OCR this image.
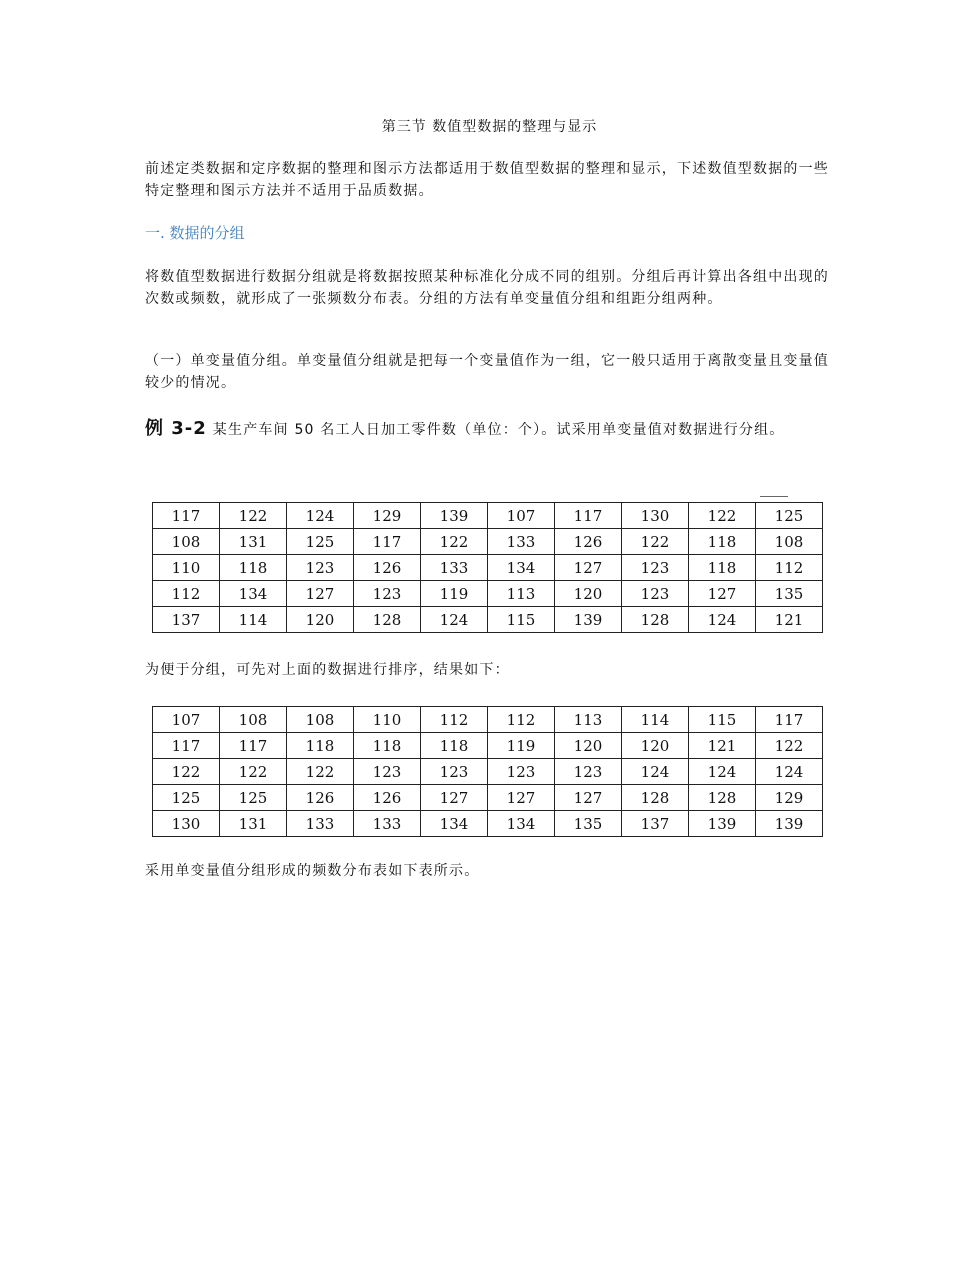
第三节 数值型数据的整理与显示

前述定类数据和定序数据的整理和图示方法都适用于数值型数据的整理和显示，下述数值型数据的一些特定整理和图示方法并不适用于品质数据。

一. 数据的分组

将数值型数据进行数据分组就是将数据按照某种标准化分成不同的组别。分组后再计算出各组中出现的次数或频数，就形成了一张频数分布表。分组的方法有单变量值分组和组距分组两种。

（一）单变量值分组。单变量值分组就是把每一个变量值作为一组，它一般只适用于离散变量且变量值较少的情况。

例 3-2 某生产车间 50 名工人日加工零件数（单位：个）。试采用单变量值对数据进行分组。
117	122	124	129	139	107	117	130	122	125
108	131	125	117	122	133	126	122	118	108
110	118	123	126	133	134	127	123	118	112
112	134	127	123	119	113	120	123	127	135
137	114	120	128	124	115	139	128	124	121

为便于分组，可先对上面的数据进行排序，结果如下：

107	108	108	110	112	112	113	114	115	117
117	117	118	118	118	119	120	120	121	122
122	122	122	123	123	123	123	124	124	124
125	125	126	126	127	127	127	128	128	129
130	131	133	133	134	134	135	137	139	139

采用单变量值分组形成的频数分布表如下表所示。
